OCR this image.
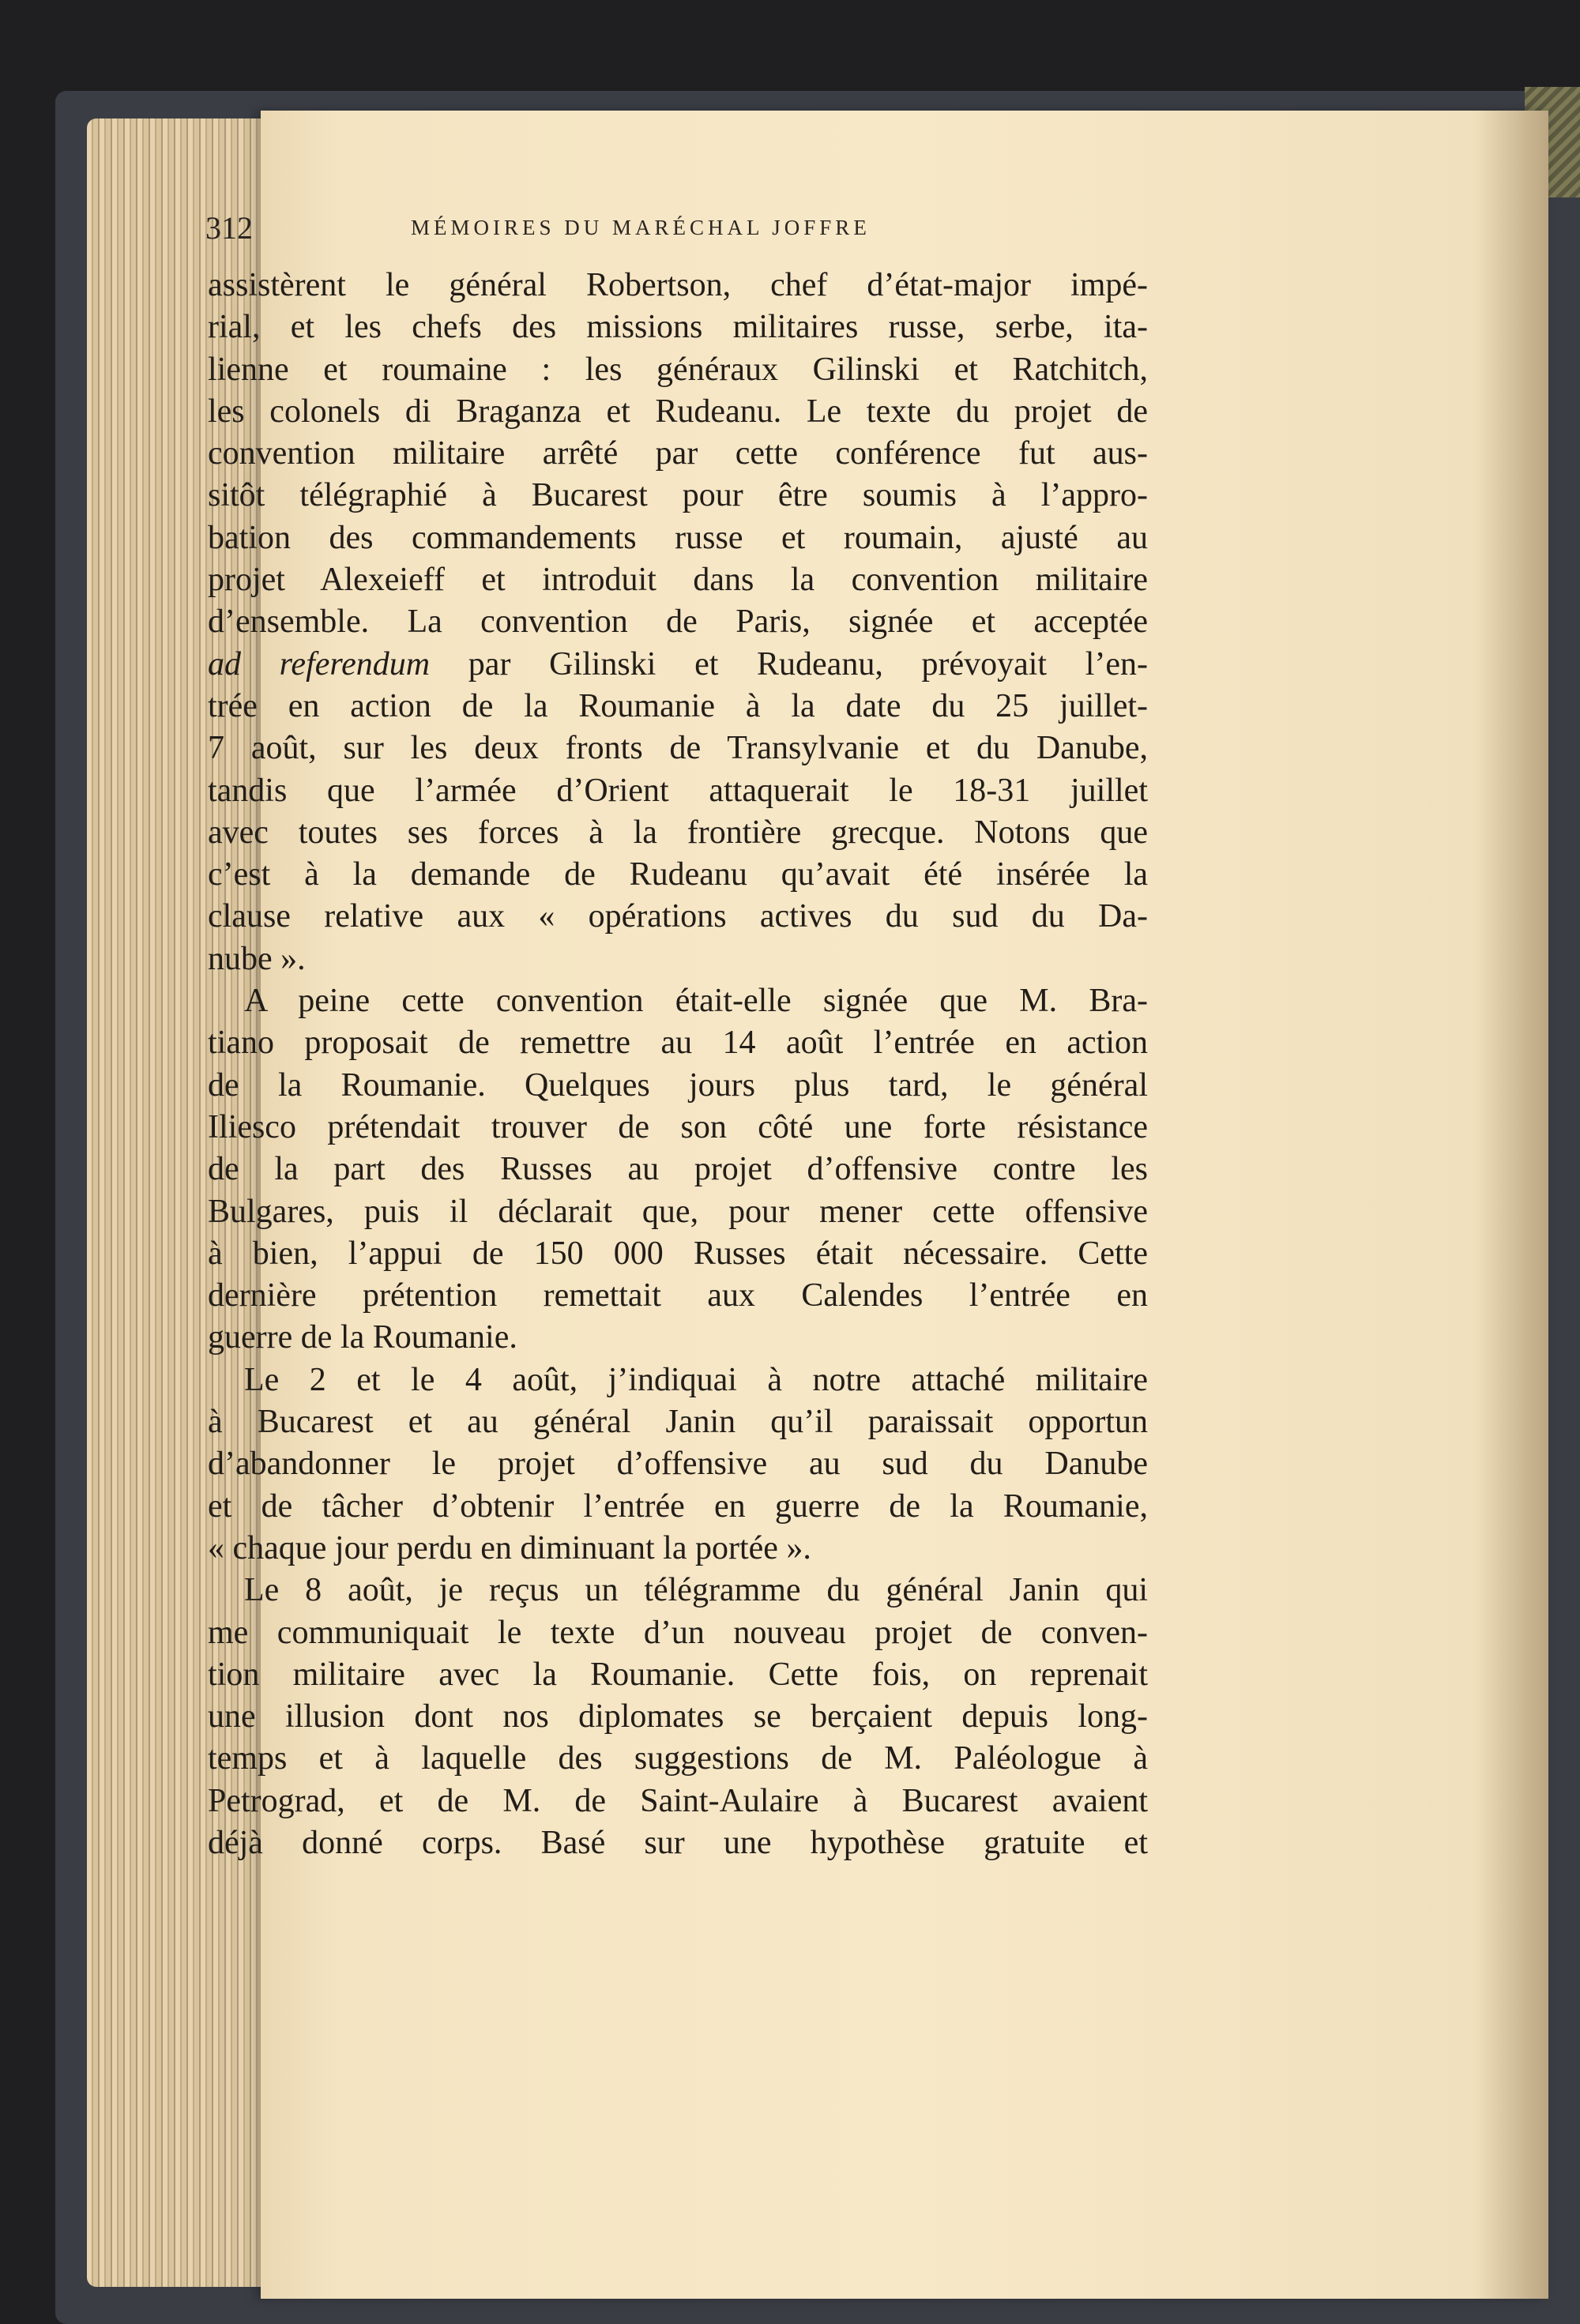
312	MÉMOIRES DU MARÉCHAL JOFFRE
assistèrent le général Robertson, chef d’état-major impé-
rial, et les chefs des missions militaires russe, serbe, ita-
lienne et roumaine : les généraux Gilinski et Ratchitch,
les colonels di Braganza et Rudeanu. Le texte du projet de
convention militaire arrêté par cette conférence fut aus-
sitôt télégraphié à Bucarest pour être soumis à l’appro-
bation des commandements russe et roumain, ajusté au
projet Alexeieff et introduit dans la convention militaire
d’ensemble. La convention de Paris, signée et acceptée
ad referendum par Gilinski et Rudeanu, prévoyait l’en-
trée en action de la Roumanie à la date du 25 juillet-
7 août, sur les deux fronts de Transylvanie et du Danube,
tandis que l’armée d’Orient attaquerait le 18-31 juillet
avec toutes ses forces à la frontière grecque. Notons que
c’est à la demande de Rudeanu qu’avait été insérée la
clause relative aux « opérations actives du sud du Da-
nube ».
A peine cette convention était-elle signée que M. Bra-
tiano proposait de remettre au 14 août l’entrée en action
de la Roumanie. Quelques jours plus tard, le général
Iliesco prétendait trouver de son côté une forte résistance
de la part des Russes au projet d’offensive contre les
Bulgares, puis il déclarait que, pour mener cette offensive
à bien, l’appui de 150 000 Russes était nécessaire. Cette
dernière prétention remettait aux Calendes l’entrée en
guerre de la Roumanie.
Le 2 et le 4 août, j’indiquai à notre attaché militaire
à Bucarest et au général Janin qu’il paraissait opportun
d’abandonner le projet d’offensive au sud du Danube
et de tâcher d’obtenir l’entrée en guerre de la Roumanie,
« chaque jour perdu en diminuant la portée ».
Le 8 août, je reçus un télégramme du général Janin qui
me communiquait le texte d’un nouveau projet de conven-
tion militaire avec la Roumanie. Cette fois, on reprenait
une illusion dont nos diplomates se berçaient depuis long-
temps et à laquelle des suggestions de M. Paléologue à
Petrograd, et de M. de Saint-Aulaire à Bucarest avaient
déjà donné corps. Basé sur une hypothèse gratuite et
